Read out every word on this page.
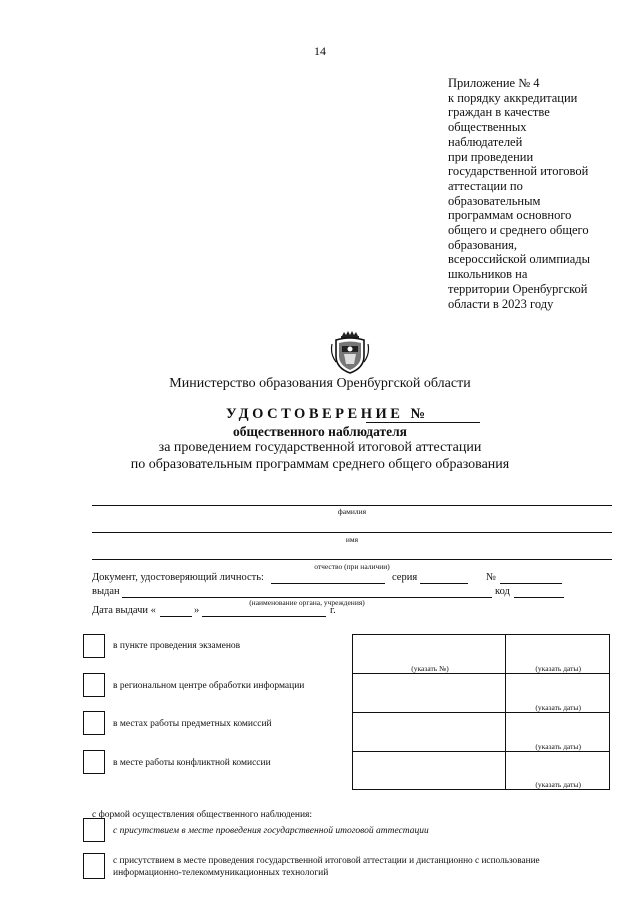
14
Приложение № 4
к порядку аккредитации
граждан в качестве
общественных
наблюдателей
при проведении
государственной итоговой
аттестации по
образовательным
программам основного
общего и среднего общего
образования,
всероссийской олимпиады
школьников на
территории Оренбургской
области в 2023 году
Министерство образования Оренбургской области
УДОСТОВЕРЕНИЕ №
общественного наблюдателя
за проведением государственной итоговой аттестации
по образовательным программам среднего общего образования
фамилия
имя
отчество (при наличии)
Документ, удостоверяющий личность:	серия	№
выдан	код
(наименование органа, учреждения)
Дата выдачи «	»	г.
в пункте проведения экзаменов
в региональном центре обработки информации
в местах работы предметных комиссий
в месте работы конфликтной комиссии
(указать №)	(указать даты)

	(указать даты)

	(указать даты)

	(указать даты)
с формой осуществления общественного наблюдения:
с присутствием в месте проведения государственной итоговой аттестации
с присутствием в месте проведения государственной итоговой аттестации и дистанционно с использование
информационно-телекоммуникационных технологий
